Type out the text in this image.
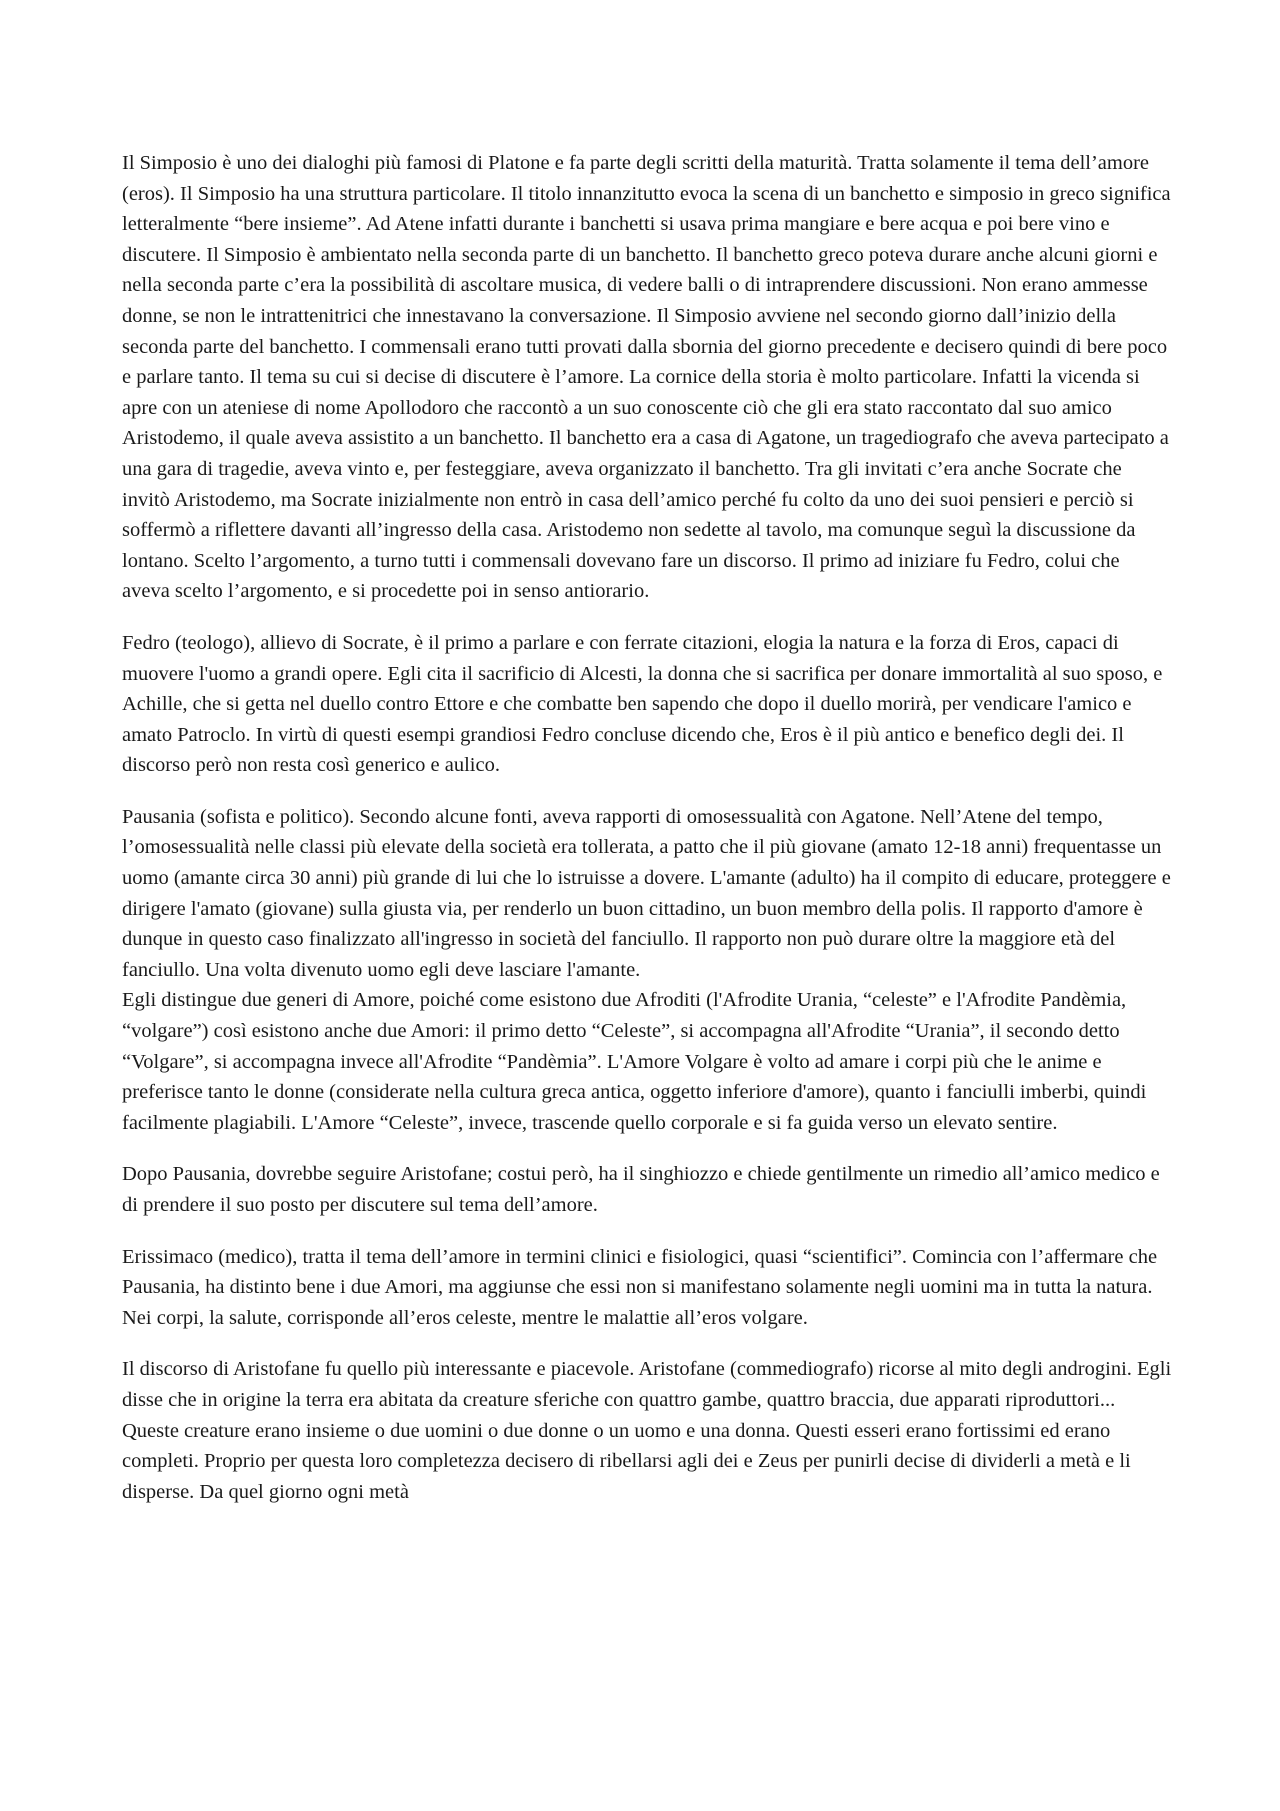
Il Simposio è uno dei dialoghi più famosi di Platone e fa parte degli scritti della maturità. Tratta solamente il tema dell’amore (eros). Il Simposio ha una struttura particolare. Il titolo innanzitutto evoca la scena di un banchetto e simposio in greco significa letteralmente “bere insieme”. Ad Atene infatti durante i banchetti si usava prima mangiare e bere acqua e poi bere vino e discutere. Il Simposio è ambientato nella seconda parte di un banchetto. Il banchetto greco poteva durare anche alcuni giorni e nella seconda parte c’era la possibilità di ascoltare musica, di vedere balli o di intraprendere discussioni. Non erano ammesse donne, se non le intrattenitrici che innestavano la conversazione. Il Simposio avviene nel secondo giorno dall’inizio della seconda parte del banchetto. I commensali erano tutti provati dalla sbornia del giorno precedente e decisero quindi di bere poco e parlare tanto. Il tema su cui si decise di discutere è l’amore. La cornice della storia è molto particolare. Infatti la vicenda si apre con un ateniese di nome Apollodoro che raccontò a un suo conoscente ciò che gli era stato raccontato dal suo amico Aristodemo, il quale aveva assistito a un banchetto. Il banchetto era a casa di Agatone, un tragediografo che aveva partecipato a una gara di tragedie, aveva vinto e, per festeggiare, aveva organizzato il banchetto. Tra gli invitati c’era anche Socrate che invitò Aristodemo, ma Socrate inizialmente non entrò in casa dell’amico perché fu colto da uno dei suoi pensieri e perciò si soffermò a riflettere davanti all’ingresso della casa. Aristodemo non sedette al tavolo, ma comunque seguì la discussione da lontano. Scelto l’argomento, a turno tutti i commensali dovevano fare un discorso. Il primo ad iniziare fu Fedro, colui che aveva scelto l’argomento, e si procedette poi in senso antiorario.

Fedro (teologo), allievo di Socrate, è il primo a parlare e con ferrate citazioni, elogia la natura e la forza di Eros, capaci di muovere l'uomo a grandi opere. Egli cita il sacrificio di Alcesti, la donna che si sacrifica per donare immortalità al suo sposo, e Achille, che si getta nel duello contro Ettore e che combatte ben sapendo che dopo il duello morirà, per vendicare l'amico e amato Patroclo. In virtù di questi esempi grandiosi Fedro concluse dicendo che, Eros è il più antico e benefico degli dei. Il discorso però non resta così generico e aulico.

Pausania (sofista e politico). Secondo alcune fonti, aveva rapporti di omosessualità con Agatone. Nell’Atene del tempo, l’omosessualità nelle classi più elevate della società era tollerata, a patto che il più giovane (amato 12-18 anni) frequentasse un uomo (amante circa 30 anni) più grande di lui che lo istruisse a dovere. L'amante (adulto) ha il compito di educare, proteggere e dirigere l'amato (giovane) sulla giusta via, per renderlo un buon cittadino, un buon membro della polis. Il rapporto d'amore è dunque in questo caso finalizzato all'ingresso in società del fanciullo. Il rapporto non può durare oltre la maggiore età del fanciullo. Una volta divenuto uomo egli deve lasciare l'amante.

Egli distingue due generi di Amore, poiché come esistono due Afroditi (l'Afrodite Urania, “celeste” e l'Afrodite Pandèmia, “volgare”) così esistono anche due Amori: il primo detto “Celeste”, si accompagna all'Afrodite “Urania”, il secondo detto “Volgare”, si accompagna invece all'Afrodite “Pandèmia”. L'Amore Volgare è volto ad amare i corpi più che le anime e preferisce tanto le donne (considerate nella cultura greca antica, oggetto inferiore d'amore), quanto i fanciulli imberbi, quindi facilmente plagiabili. L'Amore “Celeste”, invece, trascende quello corporale e si fa guida verso un elevato sentire.

Dopo Pausania, dovrebbe seguire Aristofane; costui però, ha il singhiozzo e chiede gentilmente un rimedio all’amico medico e di prendere il suo posto per discutere sul tema dell’amore.

Erissimaco (medico), tratta il tema dell’amore in termini clinici e fisiologici, quasi “scientifici”. Comincia con l’affermare che Pausania, ha distinto bene i due Amori, ma aggiunse che essi non si manifestano solamente negli uomini ma in tutta la natura. Nei corpi, la salute, corrisponde all’eros celeste, mentre le malattie all’eros volgare.

Il discorso di Aristofane fu quello più interessante e piacevole. Aristofane (commediografo) ricorse al mito degli androgini. Egli disse che in origine la terra era abitata da creature sferiche con quattro gambe, quattro braccia, due apparati riproduttori... Queste creature erano insieme o due uomini o due donne o un uomo e una donna. Questi esseri erano fortissimi ed erano completi. Proprio per questa loro completezza decisero di ribellarsi agli dei e Zeus per punirli decise di dividerli a metà e li disperse. Da quel giorno ogni metà
